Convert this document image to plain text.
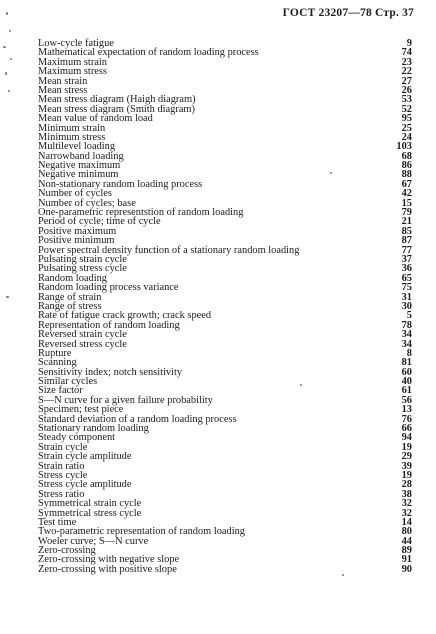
ГОСТ 23207—78 Стр. 37
Low-cycle fatigue	9
Mathematical expectation of random loading process	74
Maximum strain	23
Maximum stress	22
Mean strain	27
Mean stress	26
Mean stress diagram (Haigh diagram)	53
Mean stress diagram (Smith diagram)	52
Mean value of random load	95
Minimum strain	25
Minimum stress	24
Multilevel loading	103
Narrowband loading	68
Negative maximum	86
Negative minimum	88
Non-stationary random loading process	67
Number of cycles	42
Number of cycles; base	15
One-parametric representstion of random loading	79
Period of cycle; time of cycle	21
Positive maximum	85
Positive minimum	87
Power spectral density function of a stationary random loading	77
Pulsating strain cycle	37
Pulsating stress cycle	36
Random loading	65
Random loading process variance	75
Range of strain	31
Range of stress	30
Rate of fatigue crack growth; crack speed	5
Representation of random loading	78
Reversed strain cycle	34
Reversed stress cycle	34
Rupture	8
Scanning	81
Sensitivity index; notch sensitivity	60
Similar cycles	40
Size factor	61
S—N curve for a given failure probability	56
Specimen; test piece	13
Standard deviation of a random loading process	76
Stationary random loading	66
Steady component	94
Strain cycle	19
Strain cycle amplitude	29
Strain ratio	39
Stress cycle	19
Stress cycle amplitude	28
Stress ratio	38
Symmetrical strain cycle	32
Symmetrical stress cycle	32
Test time	14
Two-parametric representation of random loading	80
Woeler curve; S—N curve	44
Zero-crossing	89
Zero-crossing with negative slope	91
Zero-crossing with positive slope	90
